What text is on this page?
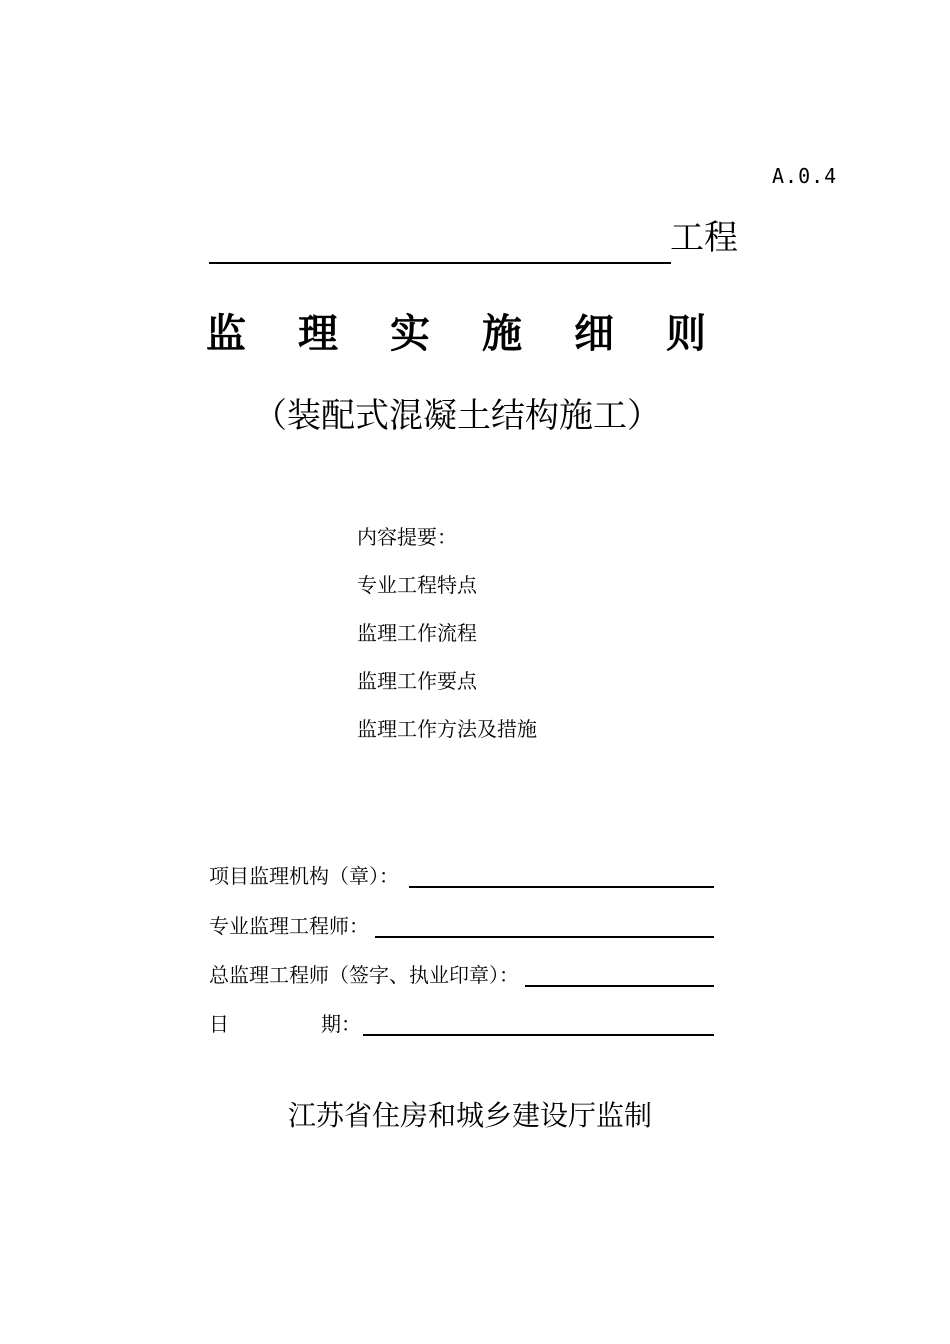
A.0.4
工程
监理实施细则
（装配式混凝土结构施工）
内容提要：
专业工程特点
监理工作流程
监理工作要点
监理工作方法及措施
项目监理机构（章）：
专业监理工程师：
总监理工程师（签字、执业印章）：
日	期：
江苏省住房和城乡建设厅监制
